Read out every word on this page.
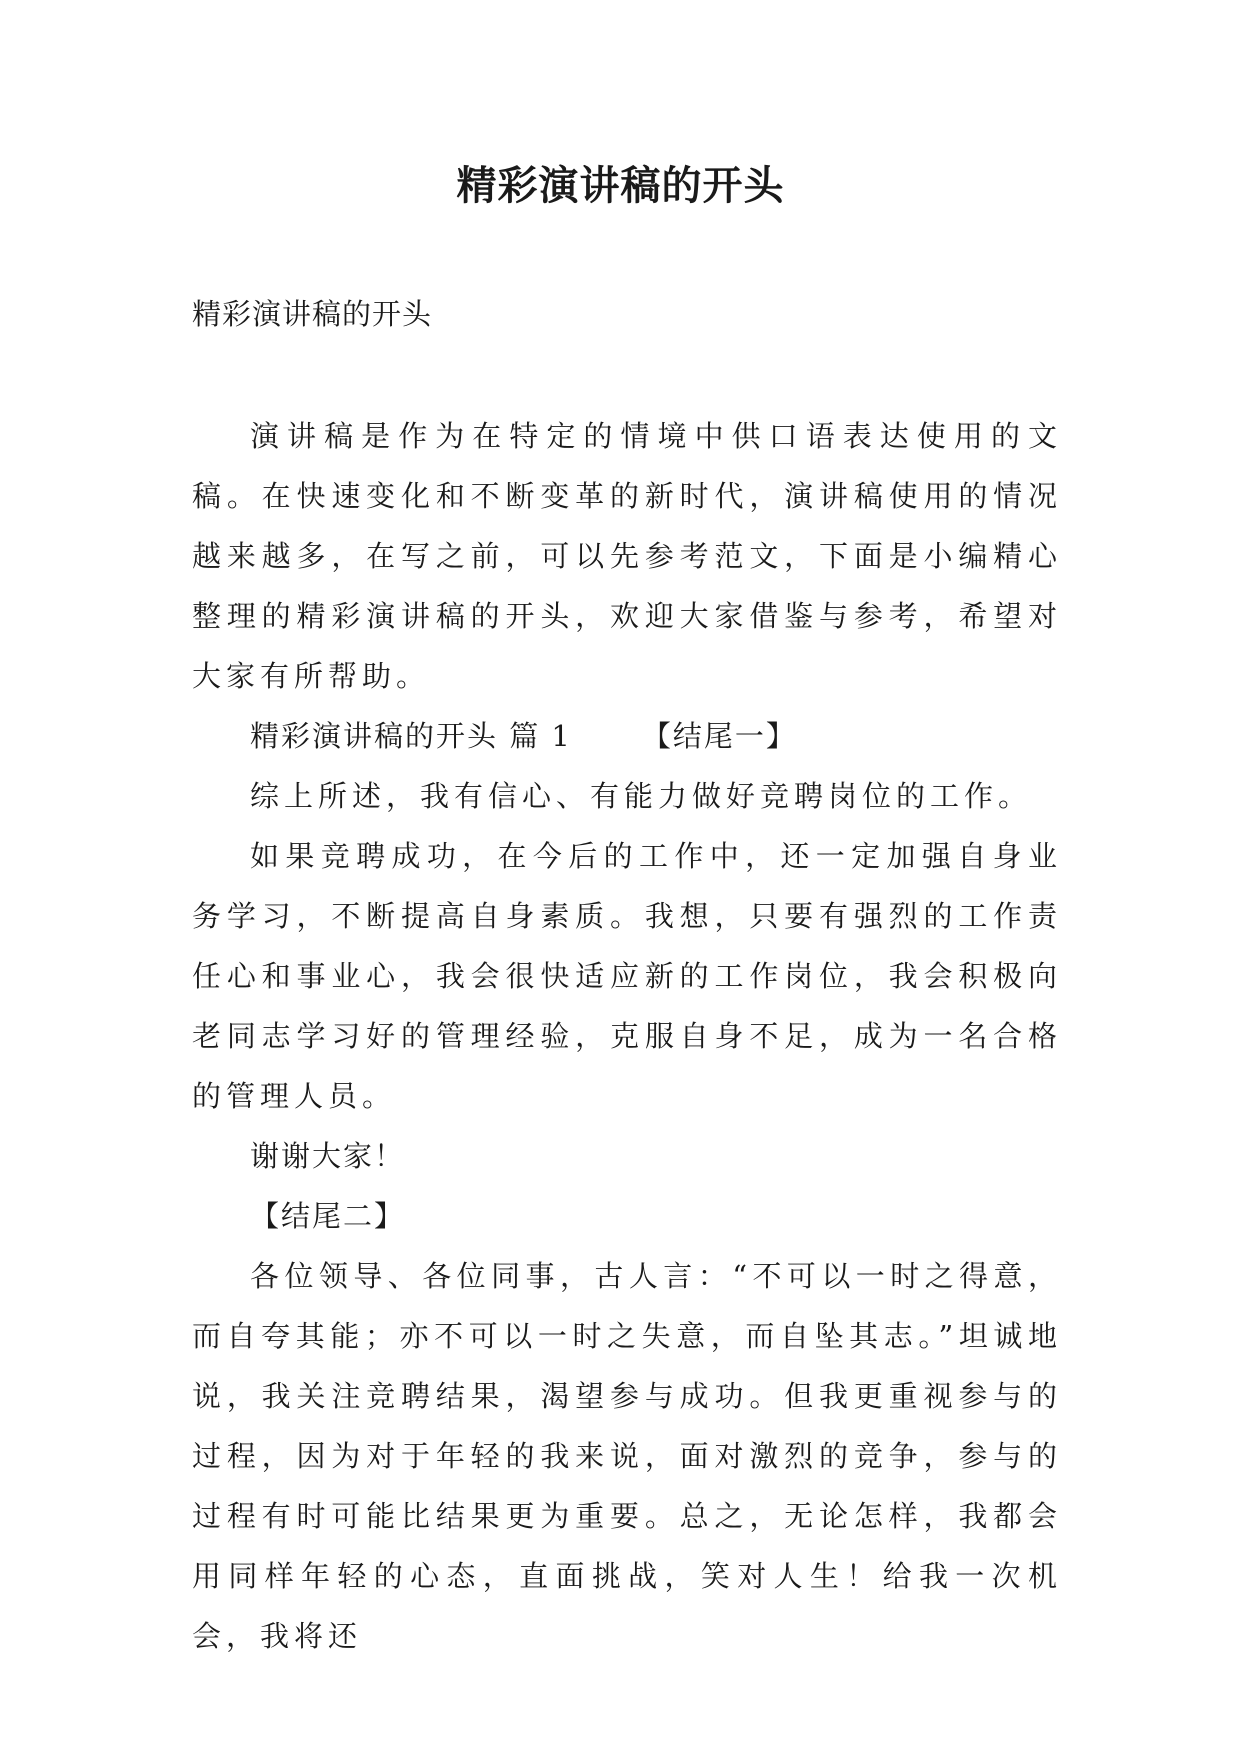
精彩演讲稿的开头

精彩演讲稿的开头

演讲稿是作为在特定的情境中供口语表达使用的文稿。在快速变化和不断变革的新时代，演讲稿使用的情况越来越多，在写之前，可以先参考范文，下面是小编精心整理的精彩演讲稿的开头，欢迎大家借鉴与参考，希望对大家有所帮助。

精彩演讲稿的开头 篇 1 【结尾一】

综上所述，我有信心、有能力做好竞聘岗位的工作。

如果竞聘成功，在今后的工作中，还一定加强自身业务学习，不断提高自身素质。我想，只要有强烈的工作责任心和事业心，我会很快适应新的工作岗位，我会积极向老同志学习好的管理经验，克服自身不足，成为一名合格的管理人员。

谢谢大家！

【结尾二】

各位领导、各位同事，古人言：“不可以一时之得意，而自夸其能；亦不可以一时之失意，而自坠其志。”坦诚地说，我关注竞聘结果，渴望参与成功。但我更重视参与的过程，因为对于年轻的我来说，面对激烈的竞争，参与的过程有时可能比结果更为重要。总之，无论怎样，我都会用同样年轻的心态，直面挑战，笑对人生！给我一次机会，我将还
